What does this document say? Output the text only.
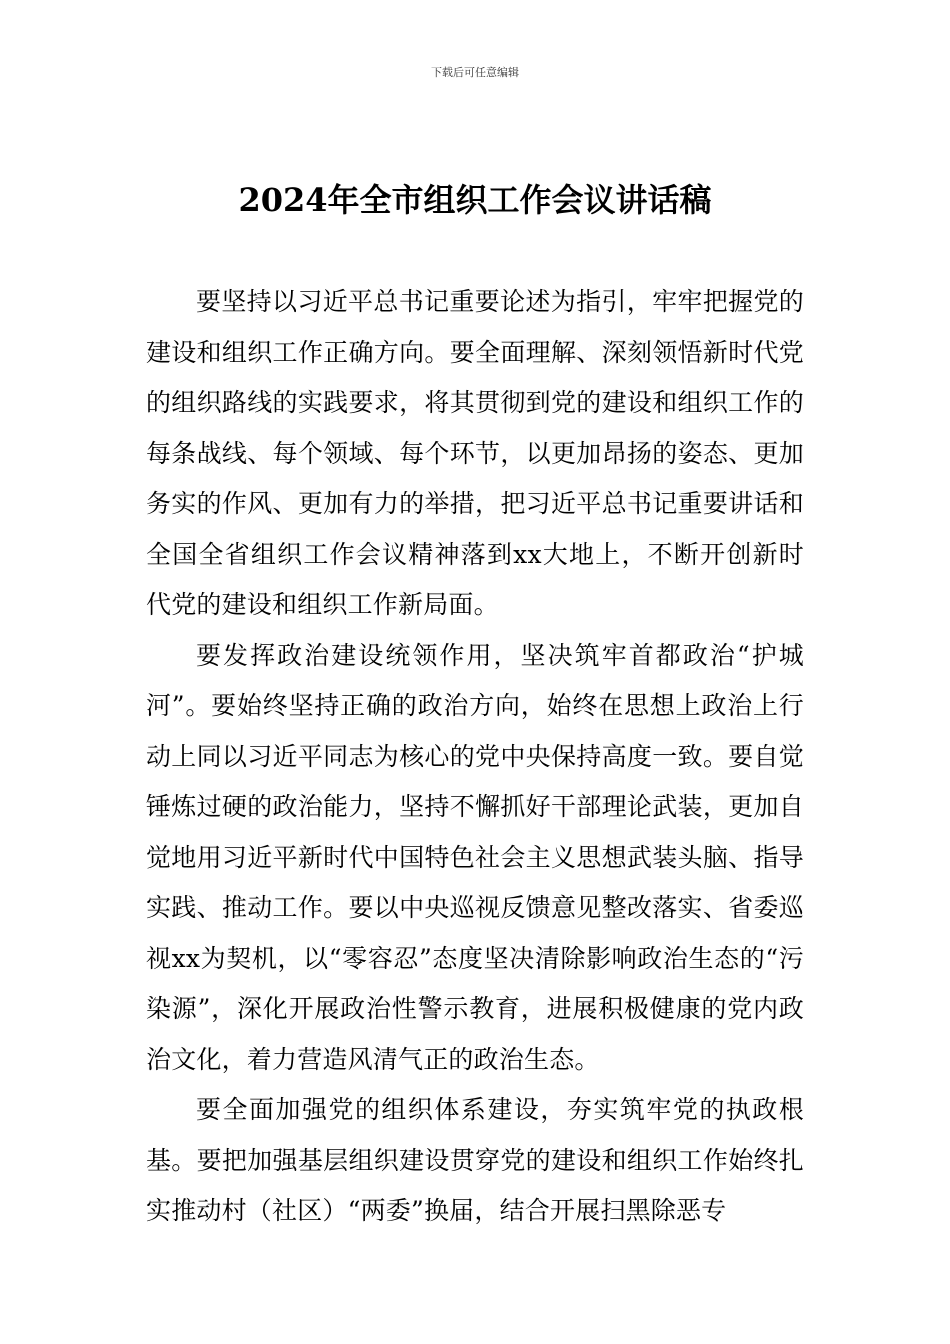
下载后可任意编辑
2024年全市组织工作会议讲话稿

要坚持以习近平总书记重要论述为指引，牢牢把握党的建设和组织工作正确方向。要全面理解、深刻领悟新时代党的组织路线的实践要求，将其贯彻到党的建设和组织工作的每条战线、每个领域、每个环节，以更加昂扬的姿态、更加务实的作风、更加有力的举措，把习近平总书记重要讲话和全国全省组织工作会议精神落到xx大地上，不断开创新时代党的建设和组织工作新局面。

要发挥政治建设统领作用，坚决筑牢首都政治“护城河”。要始终坚持正确的政治方向，始终在思想上政治上行动上同以习近平同志为核心的党中央保持高度一致。要自觉锤炼过硬的政治能力，坚持不懈抓好干部理论武装，更加自觉地用习近平新时代中国特色社会主义思想武装头脑、指导实践、推动工作。要以中央巡视反馈意见整改落实、省委巡视xx为契机，以“零容忍”态度坚决清除影响政治生态的“污染源”，深化开展政治性警示教育，进展积极健康的党内政治文化，着力营造风清气正的政治生态。

要全面加强党的组织体系建设，夯实筑牢党的执政根基。要把加强基层组织建设贯穿党的建设和组织工作始终扎实推动村（社区）“两委”换届，结合开展扫黑除恶专
